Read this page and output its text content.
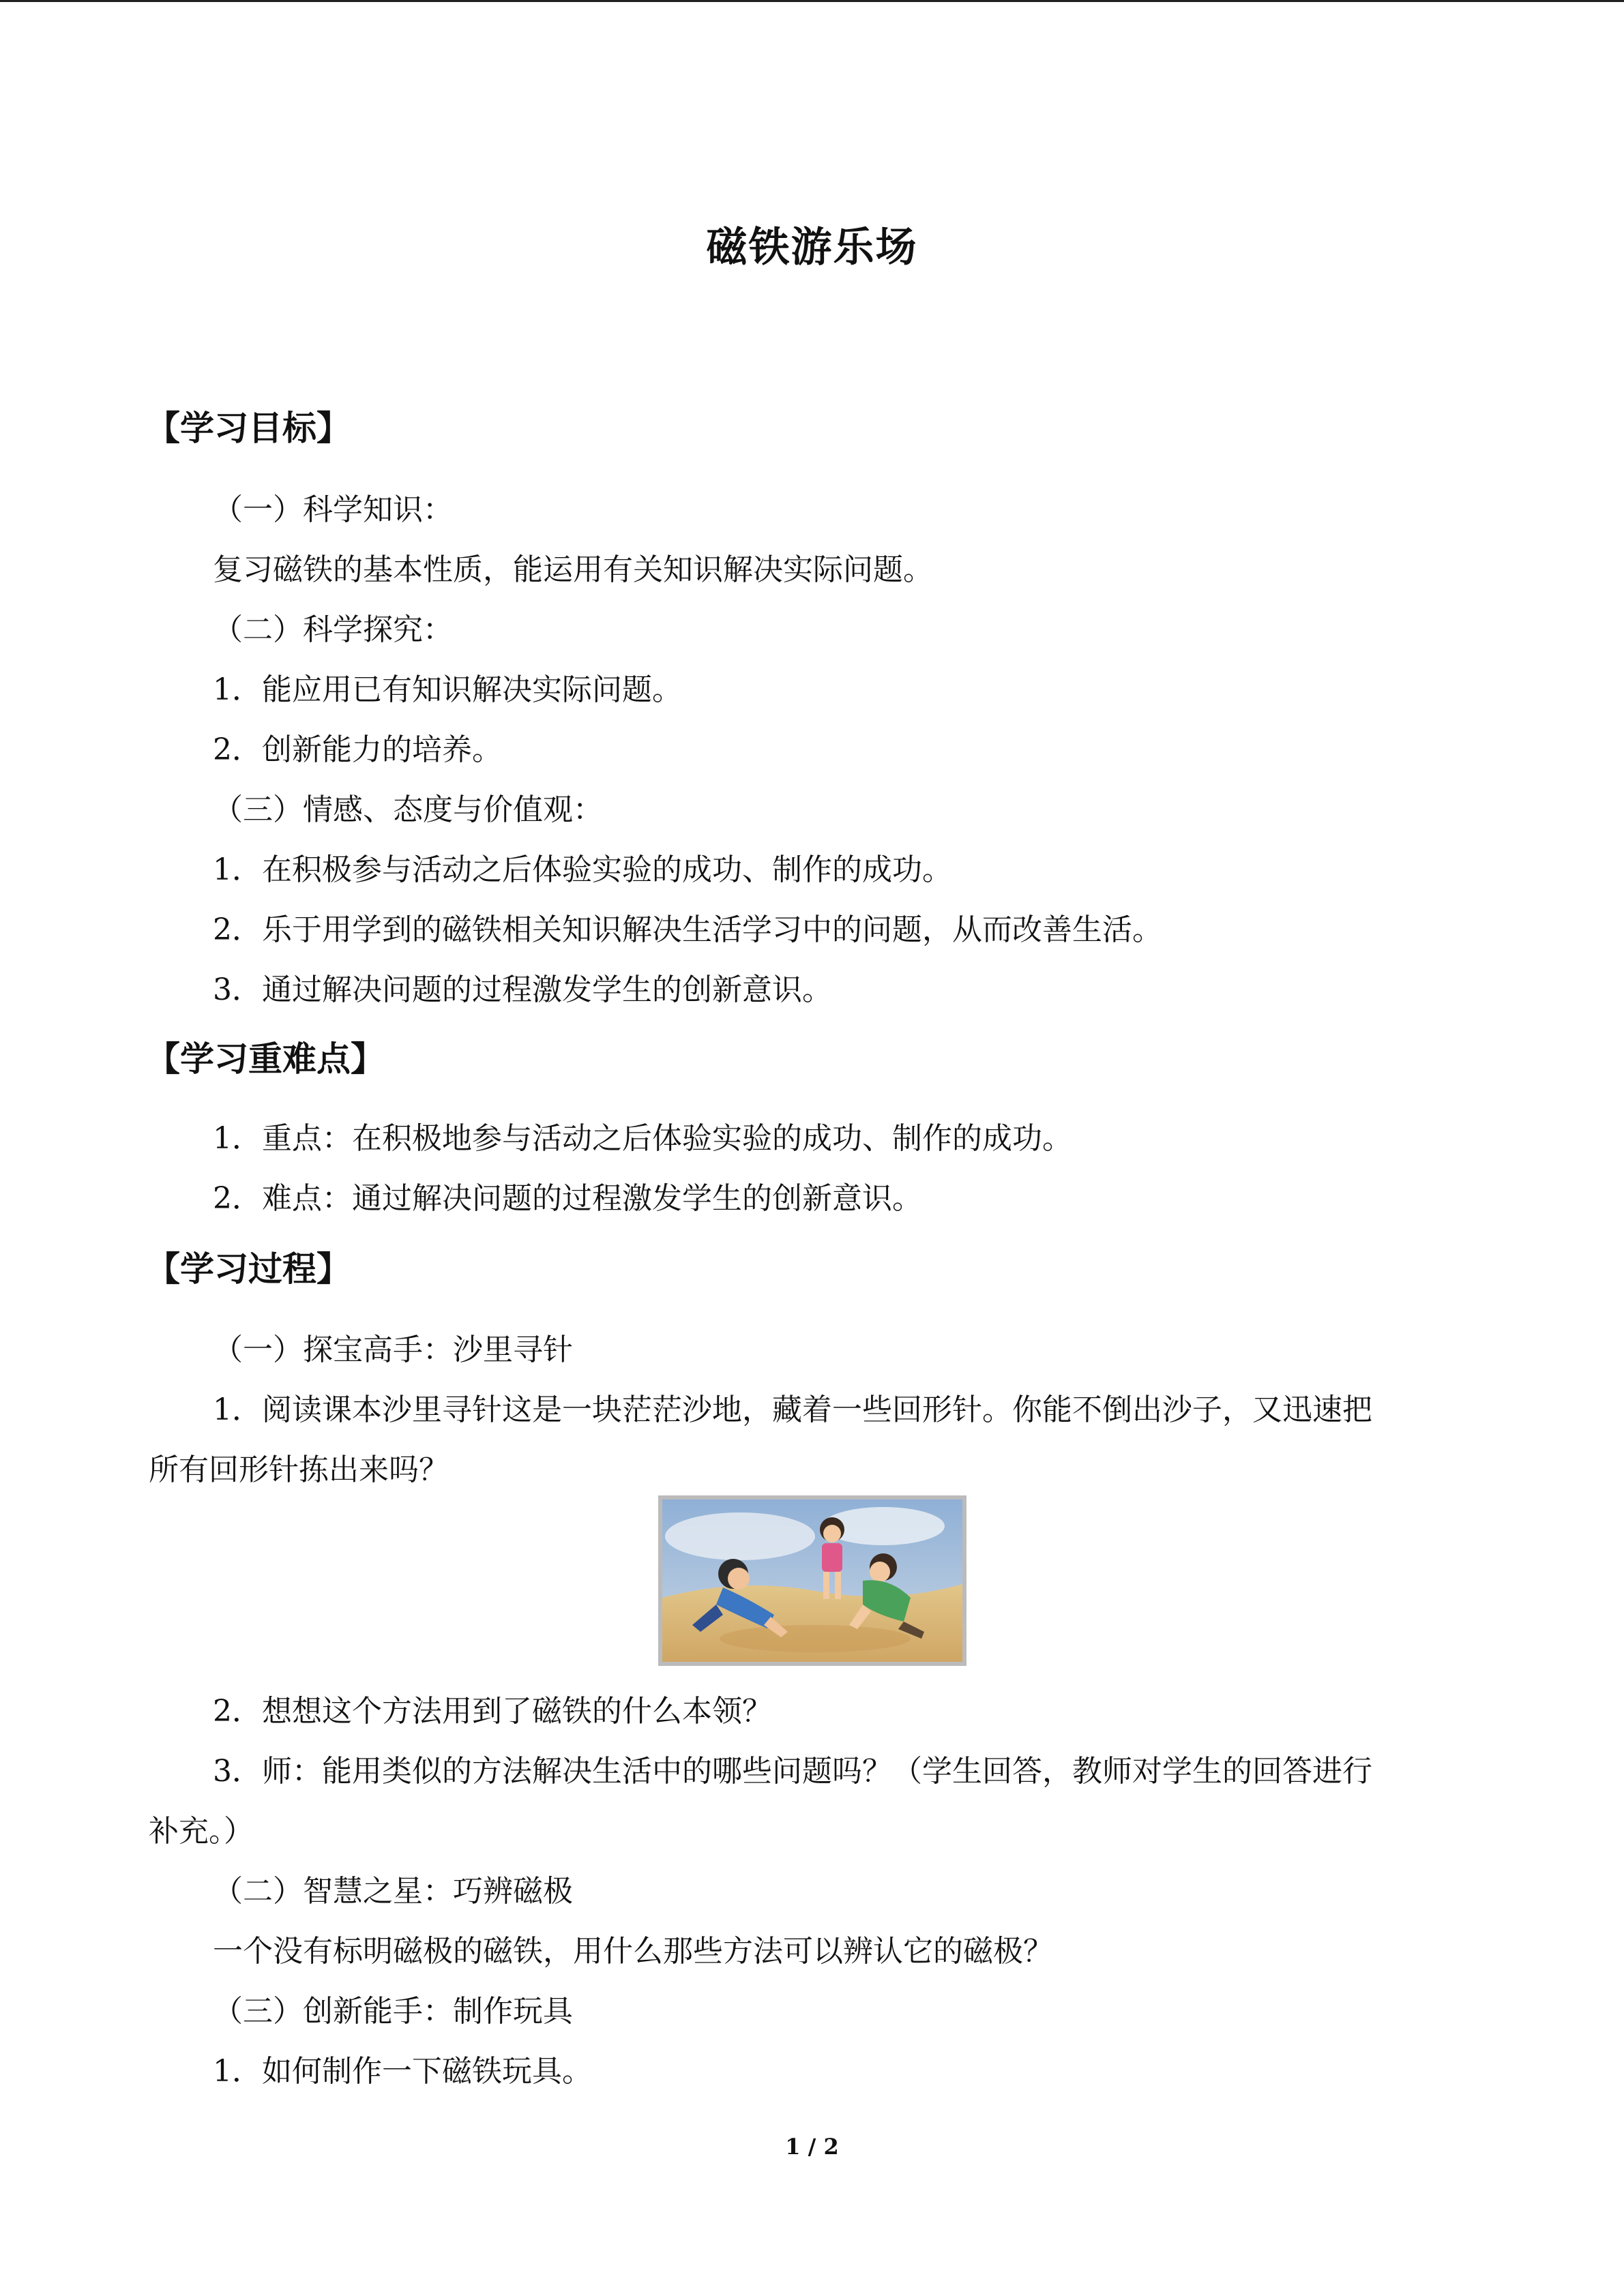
磁铁游乐场
【学习目标】
（一）科学知识：
复习磁铁的基本性质，能运用有关知识解决实际问题。
（二）科学探究：
1．能应用已有知识解决实际问题。
2．创新能力的培养。
（三）情感、态度与价值观：
1．在积极参与活动之后体验实验的成功、制作的成功。
2．乐于用学到的磁铁相关知识解决生活学习中的问题，从而改善生活。
3．通过解决问题的过程激发学生的创新意识。
【学习重难点】
1．重点：在积极地参与活动之后体验实验的成功、制作的成功。
2．难点：通过解决问题的过程激发学生的创新意识。
【学习过程】
（一）探宝高手：沙里寻针
1．阅读课本沙里寻针这是一块茫茫沙地，藏着一些回形针。你能不倒出沙子，又迅速把
所有回形针拣出来吗？
2．想想这个方法用到了磁铁的什么本领？
3．师：能用类似的方法解决生活中的哪些问题吗？（学生回答，教师对学生的回答进行
补充。）
（二）智慧之星：巧辨磁极
一个没有标明磁极的磁铁，用什么那些方法可以辨认它的磁极？
（三）创新能手：制作玩具
1．如何制作一下磁铁玩具。
1 / 2
